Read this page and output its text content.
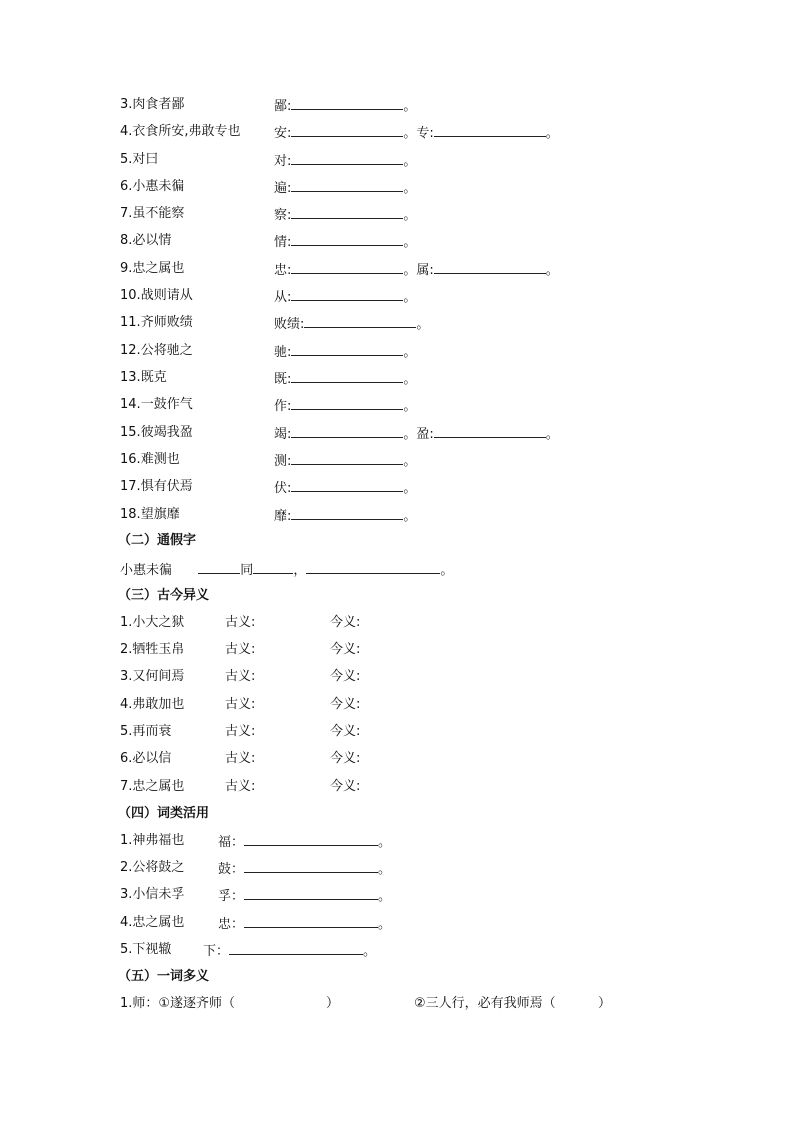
3.肉食者鄙	鄙:	。
4.衣食所安,弗敢专也	安:	。专:	。
5.对曰	对:	。
6.小惠未徧	遍:	。
7.虽不能察	察:	。
8.必以情	情:	。
9.忠之属也	忠:	。属:	。
10.战则请从	从:	。
11.齐师败绩	败绩:	。
12.公将驰之	驰:	。
13.既克	既:	。
14.一鼓作气	作:	。
15.彼竭我盈	竭:	。盈:	。
16.难测也	测:	。
17.惧有伏焉	伏:	。
18.望旗靡	靡:	。
（二）通假字
小惠未徧	同	，	。
（三）古今异义
1.小大之狱	古义:	今义:
2.牺牲玉帛	古义:	今义:
3.又何间焉	古义:	今义:
4.弗敢加也	古义:	今义:
5.再而衰	古义:	今义:
6.必以信	古义:	今义:
7.忠之属也	古义:	今义:
（四）词类活用
1.神弗福也	福：	。
2.公将鼓之	鼓：	。
3.小信未孚	孚：	。
4.忠之属也	忠：	。
5.下视辙 下：	。
（五）一词多义
1.师：①遂逐齐师（	）	②三人行，必有我师焉（	）
